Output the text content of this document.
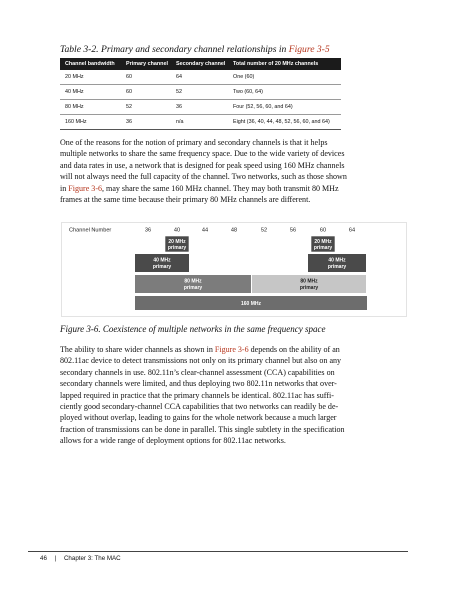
Table 3-2. Primary and secondary channel relationships in Figure 3-5
Channel bandwidth	Primary channel	Secondary channel	Total number of 20 MHz channels
20 MHz	60	64	One (60)
40 MHz	60	52	Two (60, 64)
80 MHz	52	36	Four (52, 56, 60, and 64)
160 MHz	36	n/a	Eight (36, 40, 44, 48, 52, 56, 60, and 64)
One of the reasons for the notion of primary and secondary channels is that it helps
multiple networks to share the same frequency space. Due to the wide variety of devices
and data rates in use, a network that is designed for peak speed using 160 MHz channels
will not always need the full capacity of the channel. Two networks, such as those shown
in Figure 3-6, may share the same 160 MHz channel. They may both transmit 80 MHz
frames at the same time because their primary 80 MHz channels are different.
Channel Number	36	40	44	48	52	56	60	64
20 MHz
primary
20 MHz
primary
40 MHz
primary
40 MHz
primary
80 MHz
primary
80 MHz
primary
160 MHz
Figure 3-6. Coexistence of multiple networks in the same frequency space
The ability to share wider channels as shown in Figure 3-6 depends on the ability of an
802.11ac device to detect transmissions not only on its primary channel but also on any
secondary channels in use. 802.11n’s clear-channel assessment (CCA) capabilities on
secondary channels were limited, and thus deploying two 802.11n networks that over-
lapped required in practice that the primary channels be identical. 802.11ac has suffi-
ciently good secondary-channel CCA capabilities that two networks can readily be de-
ployed without overlap, leading to gains for the whole network because a much larger
fraction of transmissions can be done in parallel. This single subtlety in the specification
allows for a wide range of deployment options for 802.11ac networks.
46 | Chapter 3: The MAC
